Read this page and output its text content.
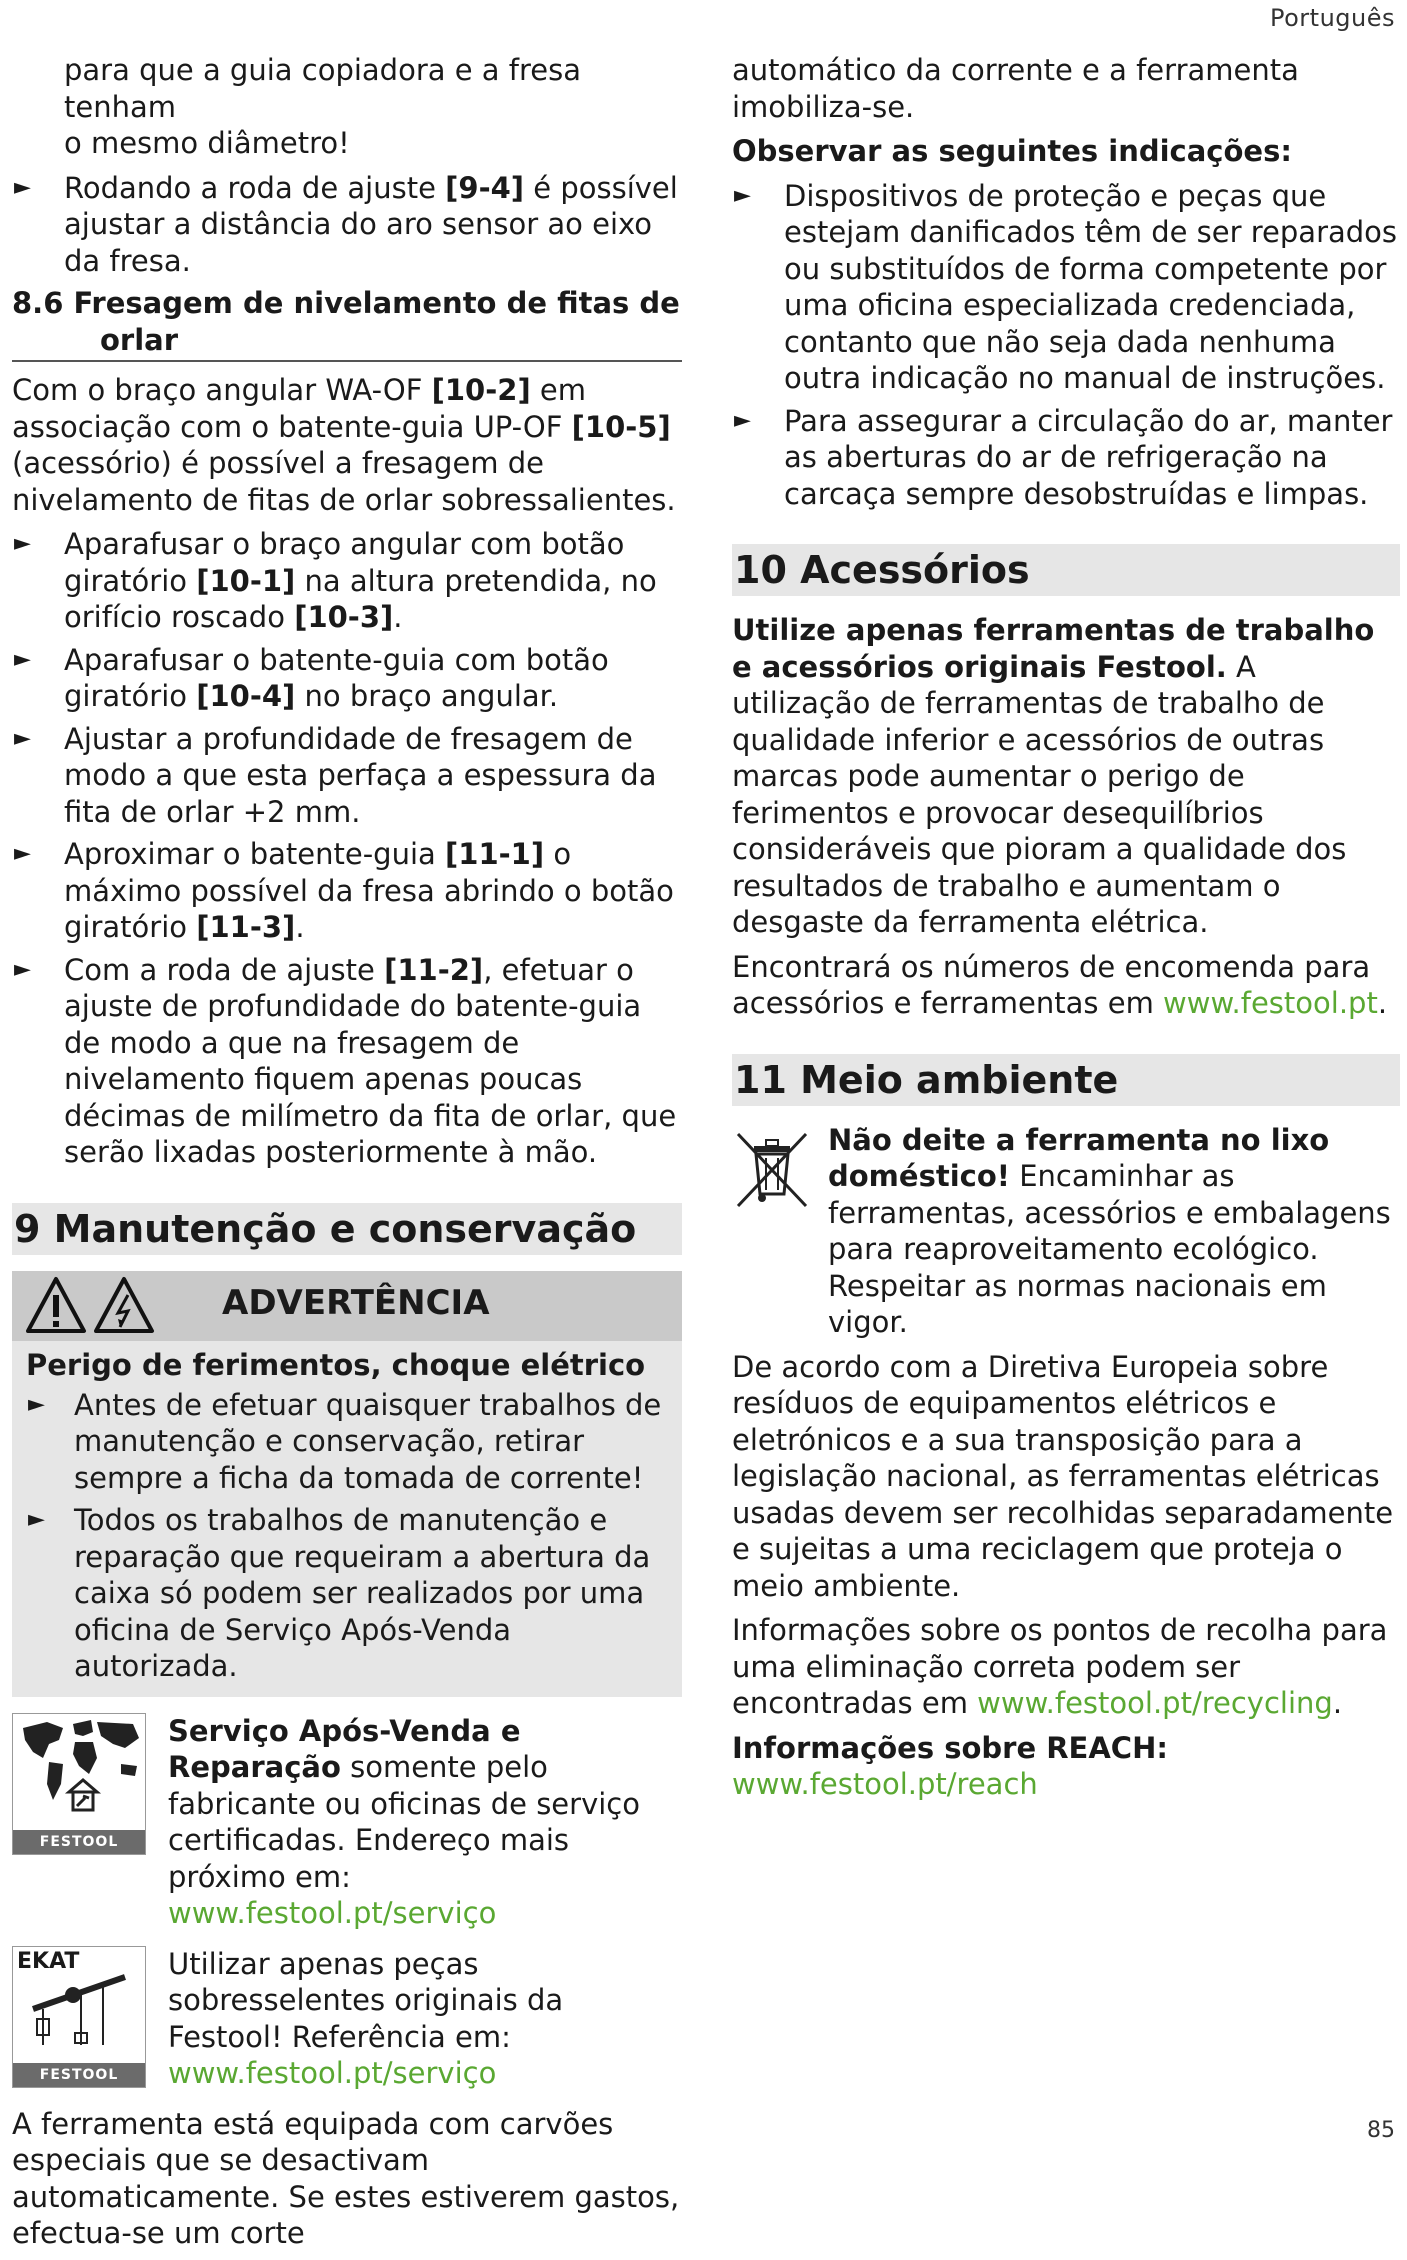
Português

para que a guia copiadora e a fresa tenham
o mesmo diâmetro!

► Rodando a roda de ajuste [9-4] é possível ajustar a distância do aro sensor ao eixo da fresa.
8.6 Fresagem de nivelamento de fitas de
orlar

Com o braço angular WA-OF [10-2] em associação com o batente-guia UP-OF [10-5] (acessório) é possível a fresagem de nivelamento de fitas de orlar sobressalientes.

► Aparafusar o braço angular com botão giratório [10-1] na altura pretendida, no orifício roscado [10-3].
► Aparafusar o batente-guia com botão giratório [10-4] no braço angular.
► Ajustar a profundidade de fresagem de modo a que esta perfaça a espessura da fita de orlar +2 mm.
► Aproximar o batente-guia [11-1] o máximo possível da fresa abrindo o botão giratório [11-3].
► Com a roda de ajuste [11-2], efetuar o ajuste de profundidade do batente-guia de modo a que na fresagem de nivelamento fiquem apenas poucas décimas de milímetro da fita de orlar, que serão lixadas posteriormente à mão.
9 Manutenção e conservação
ADVERTÊNCIA
Perigo de ferimentos, choque elétrico
► Antes de efetuar quaisquer trabalhos de manutenção e conservação, retirar sempre a ficha da tomada de corrente!
► Todos os trabalhos de manutenção e reparação que requeiram a abertura da caixa só podem ser realizados por uma oficina de Serviço Após-Venda autorizada.
FESTOOL

Serviço Após-Venda e Reparação somente pelo fabricante ou oficinas de serviço certificadas. Endereço mais próximo em: www.festool.pt/serviço

EKAT
FESTOOL

Utilizar apenas peças sobresselentes originais da Festool! Referência em: www.festool.pt/serviço

A ferramenta está equipada com carvões especiais que se desactivam automaticamente. Se estes estiverem gastos, efectua-se um corte

automático da corrente e a ferramenta imobiliza-se.

Observar as seguintes indicações:

► Dispositivos de proteção e peças que estejam danificados têm de ser reparados ou substituídos de forma competente por uma oficina especializada credenciada, contanto que não seja dada nenhuma outra indicação no manual de instruções.
► Para assegurar a circulação do ar, manter as aberturas do ar de refrigeração na carcaça sempre desobstruídas e limpas.
10 Acessórios

Utilize apenas ferramentas de trabalho e acessórios originais Festool. A utilização de ferramentas de trabalho de qualidade inferior e acessórios de outras marcas pode aumentar o perigo de ferimentos e provocar desequilíbrios consideráveis que pioram a qualidade dos resultados de trabalho e aumentam o desgaste da ferramenta elétrica.

Encontrará os números de encomenda para acessórios e ferramentas em www.festool.pt.

11 Meio ambiente

Não deite a ferramenta no lixo doméstico! Encaminhar as ferramentas, acessórios e embalagens para reaproveitamento ecológico. Respeitar as normas nacionais em vigor.

De acordo com a Diretiva Europeia sobre resíduos de equipamentos elétricos e eletrónicos e a sua transposição para a legislação nacional, as ferramentas elétricas usadas devem ser recolhidas separadamente e sujeitas a uma reciclagem que proteja o meio ambiente.

Informações sobre os pontos de recolha para uma eliminação correta podem ser encontradas em www.festool.pt/recycling.

Informações sobre REACH: www.festool.pt/reach

85
